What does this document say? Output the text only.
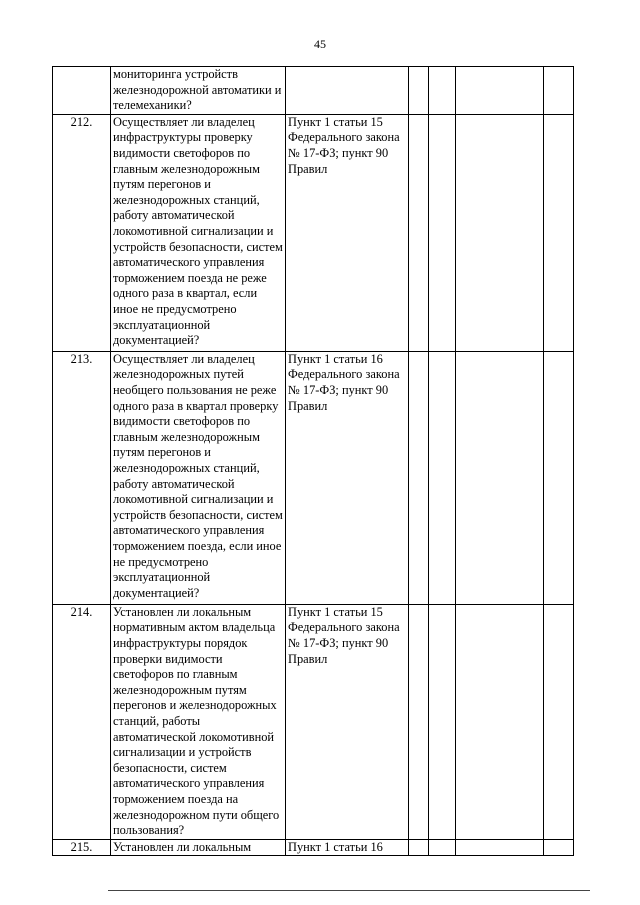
45
	мониторинга устройств железнодорожной автоматики и телемеханики?					
212.	Осуществляет ли владелец инфраструктуры проверку видимости светофоров по главным железнодорожным путям перегонов и железнодорожных станций, работу автоматической локомотивной сигнализации и устройств безопасности, систем автоматического управления торможением поезда не реже одного раза в квартал, если иное не предусмотрено эксплуатационной документацией?	Пункт 1 статьи 15 Федерального закона № 17-ФЗ; пункт 90 Правил				
213.	Осуществляет ли владелец железнодорожных путей необщего пользования не реже одного раза в квартал проверку видимости светофоров по главным железнодорожным путям перегонов и железнодорожных станций, работу автоматической локомотивной сигнализации и устройств безопасности, систем автоматического управления торможением поезда, если иное не предусмотрено эксплуатационной документацией?	Пункт 1 статьи 16 Федерального закона № 17-ФЗ; пункт 90 Правил				
214.	Установлен ли локальным нормативным актом владельца инфраструктуры порядок проверки видимости светофоров по главным железнодорожным путям перегонов и железнодорожных станций, работы автоматической локомотивной сигнализации и устройств безопасности, систем автоматического управления торможением поезда на железнодорожном пути общего пользования?	Пункт 1 статьи 15 Федерального закона № 17-ФЗ; пункт 90 Правил				
215.	Установлен ли локальным	Пункт 1 статьи 16				
